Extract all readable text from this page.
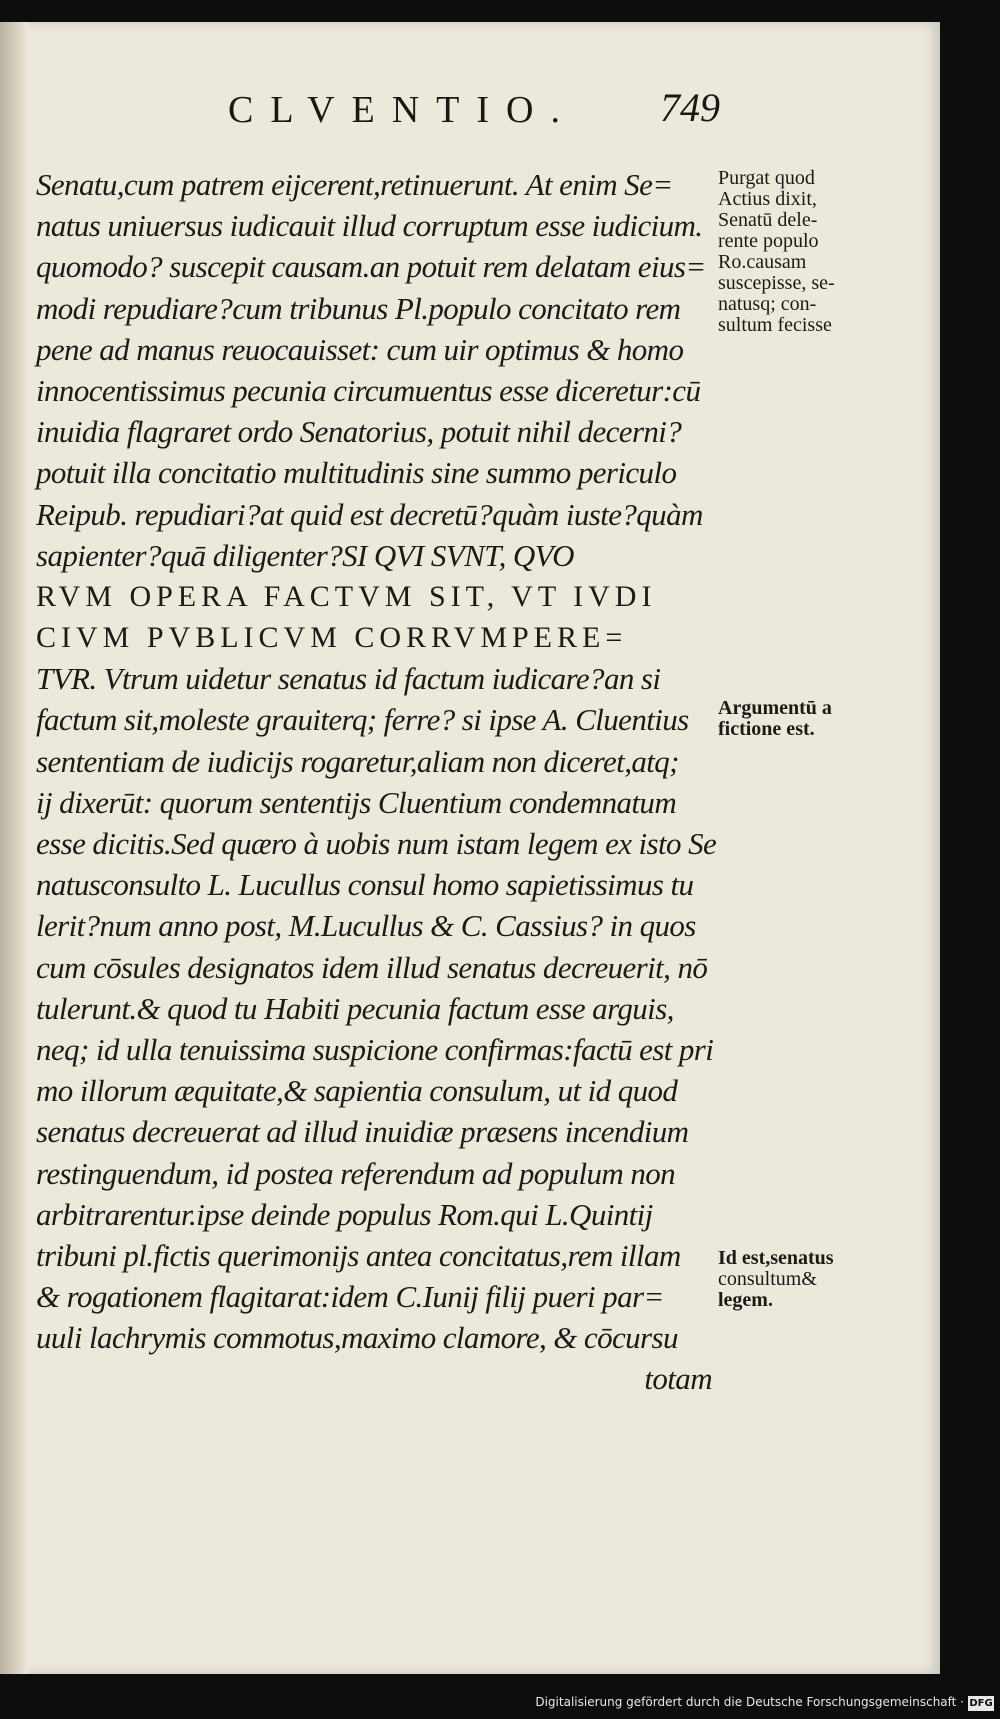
CLVENTIO. 749
Senatu,cum patrem eijcerent,retinuerunt. At enim Se=
natus uniuersus iudicauit illud corruptum esse iudicium.
quomodo? suscepit causam.an potuit rem delatam eius=
modi repudiare?cum tribunus Pl.populo concitato rem
pene ad manus reuocauisset: cum uir optimus & homo
innocentissimus pecunia circumuentus esse diceretur:cū
inuidia flagraret ordo Senatorius, potuit nihil decerni?
potuit illa concitatio multitudinis sine summo periculo
Reipub. repudiari?at quid est decretū?quàm iuste?quàm
sapienter?quā diligenter?SI QVI SVNT, QVO
RVM OPERA FACTVM SIT, VT IVDI
CIVM PVBLICVM CORRVMPERE=
TVR. Vtrum uidetur senatus id factum iudicare?an si
factum sit,moleste grauiterq; ferre? si ipse A. Cluentius
sententiam de iudicijs rogaretur,aliam non diceret,atq;
ij dixerūt: quorum sententijs Cluentium condemnatum
esse dicitis.Sed quæro à uobis num istam legem ex isto Se
natusconsulto L. Lucullus consul homo sapietissimus tu
lerit?num anno post, M.Lucullus & C. Cassius? in quos
cum cōsules designatos idem illud senatus decreuerit, nō
tulerunt.& quod tu Habiti pecunia factum esse arguis,
neq; id ulla tenuissima suspicione confirmas:factū est pri
mo illorum æquitate,& sapientia consulum, ut id quod
senatus decreuerat ad illud inuidiæ præsens incendium
restinguendum, id postea referendum ad populum non
arbitrarentur.ipse deinde populus Rom.qui L.Quintij
tribuni pl.fictis querimonijs antea concitatus,rem illam
& rogationem flagitarat:idem C.Iunij filij pueri par=
uuli lachrymis commotus,maximo clamore, & cōcursu
totam
Purgat quod
Actius dixit,
Senatū dele-
rente populo
Ro.causam
suscepisse, se-
natusq; con-
sultum fecisse
Argumentū a
fictione est.
Id est,senatus
consultum&
legem.
Digitalisierung gefördert durch die Deutsche Forschungsgemeinschaft · DFG
